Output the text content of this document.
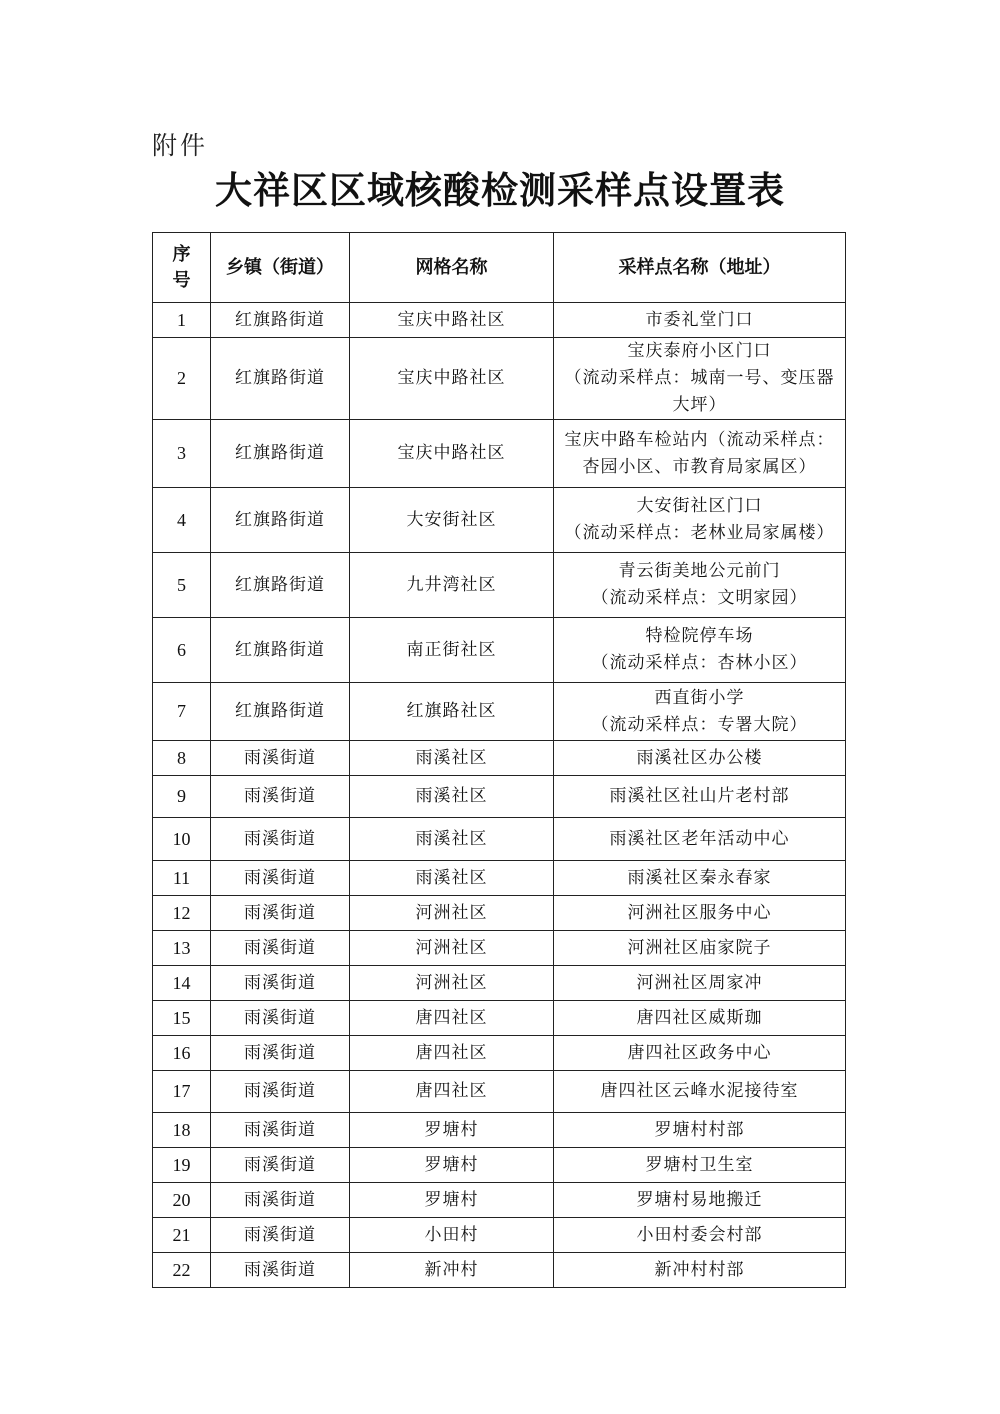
附件
大祥区区域核酸检测采样点设置表
序
号	乡镇（街道）	网格名称	采样点名称（地址）
1	红旗路街道	宝庆中路社区	市委礼堂门口

2	红旗路街道	宝庆中路社区	宝庆泰府小区门口
（流动采样点：城南一号、变压器
大坪）

3	红旗路街道	宝庆中路社区	宝庆中路车检站内（流动采样点：
杏园小区、市教育局家属区）

4	红旗路街道	大安街社区	大安街社区门口
（流动采样点：老林业局家属楼）

5	红旗路街道	九井湾社区	青云街美地公元前门
（流动采样点：文明家园）

6	红旗路街道	南正街社区	特检院停车场
（流动采样点：杏林小区）

7	红旗路街道	红旗路社区	西直街小学
（流动采样点：专署大院）

8	雨溪街道	雨溪社区	雨溪社区办公楼

9	雨溪街道	雨溪社区	雨溪社区社山片老村部

10	雨溪街道	雨溪社区	雨溪社区老年活动中心

11	雨溪街道	雨溪社区	雨溪社区秦永春家

12	雨溪街道	河洲社区	河洲社区服务中心

13	雨溪街道	河洲社区	河洲社区庙家院子

14	雨溪街道	河洲社区	河洲社区周家冲

15	雨溪街道	唐四社区	唐四社区威斯珈

16	雨溪街道	唐四社区	唐四社区政务中心

17	雨溪街道	唐四社区	唐四社区云峰水泥接待室

18	雨溪街道	罗塘村	罗塘村村部

19	雨溪街道	罗塘村	罗塘村卫生室

20	雨溪街道	罗塘村	罗塘村易地搬迁

21	雨溪街道	小田村	小田村委会村部

22	雨溪街道	新冲村	新冲村村部
